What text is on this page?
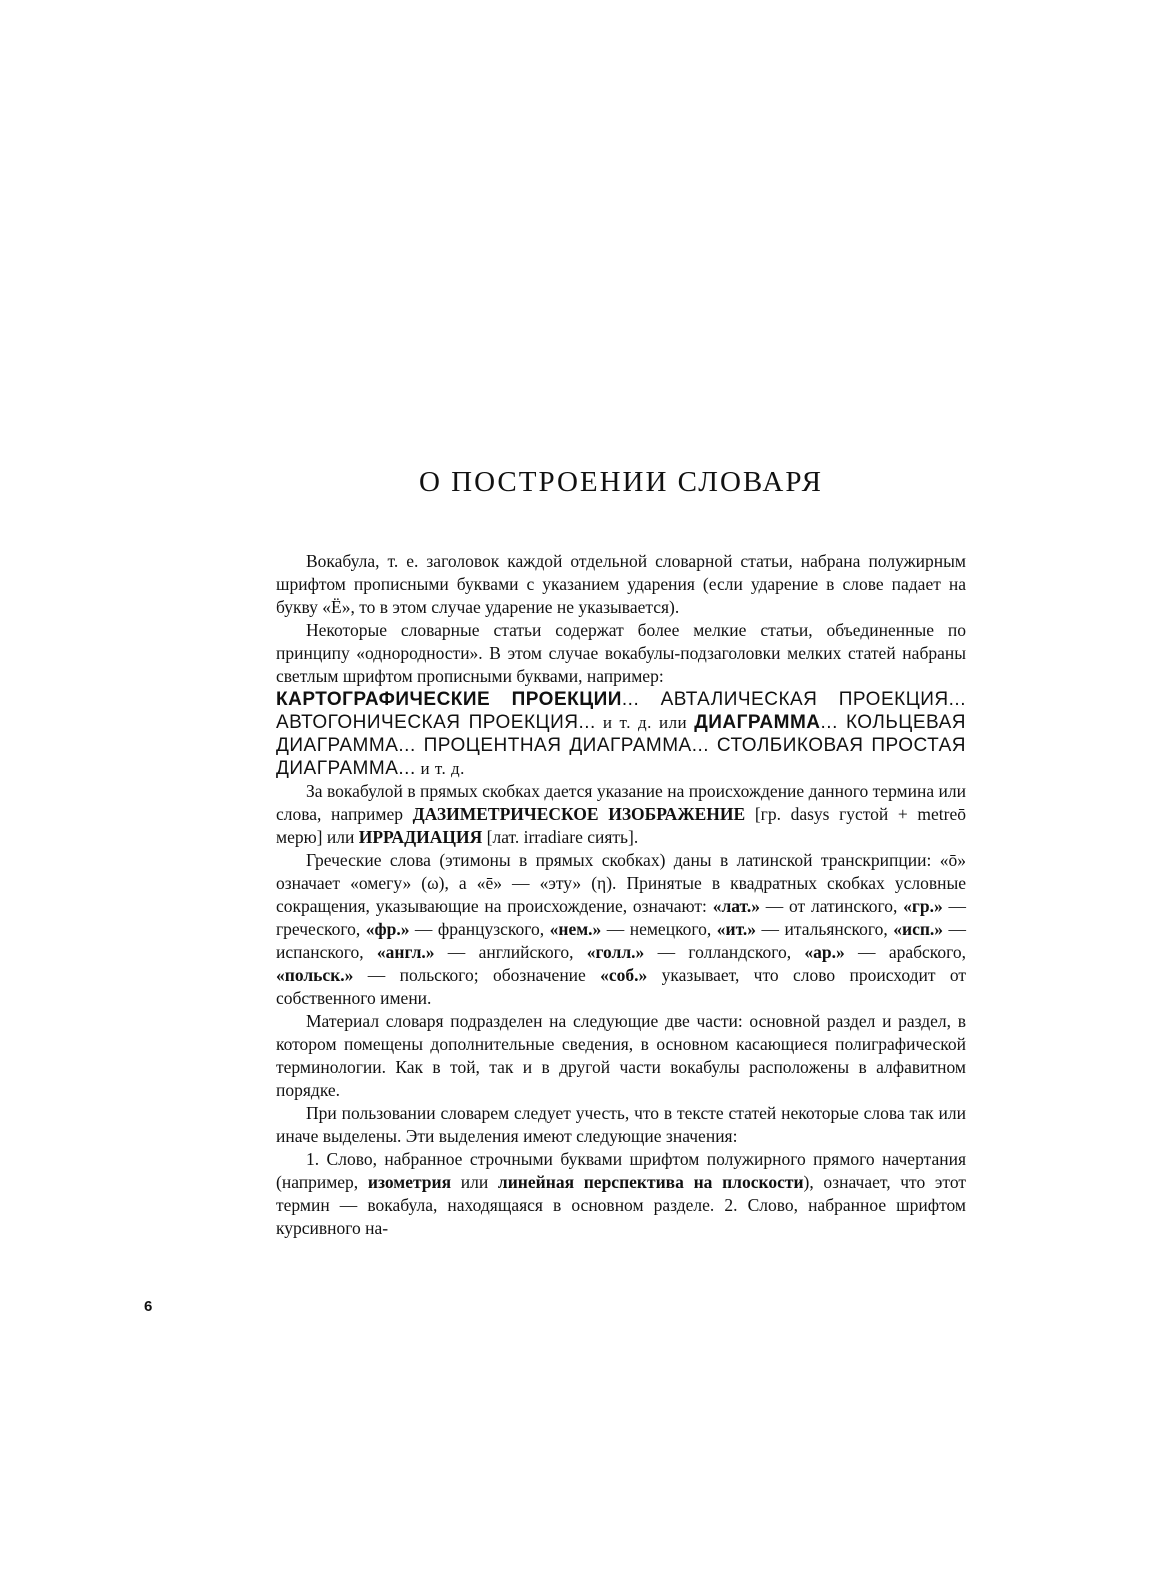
О ПОСТРОЕНИИ СЛОВАРЯ

Вокабула, т. е. заголовок каждой отдельной словарной статьи, набрана полужирным шрифтом прописными буквами с указанием ударения (если ударение в слове падает на букву «Ё», то в этом случае ударение не указывается).

Некоторые словарные статьи содержат более мелкие статьи, объединенные по принципу «однородности». В этом случае вокабулы-подзаголовки мелких статей набраны светлым шрифтом прописными буквами, например:

КАРТОГРАФИЧЕСКИЕ ПРОЕКЦИИ... АВТАЛИЧЕСКАЯ ПРОЕКЦИЯ... АВТОГОНИЧЕСКАЯ ПРОЕКЦИЯ... и т. д. или ДИАГРАММА... КОЛЬЦЕВАЯ ДИАГРАММА... ПРОЦЕНТНАЯ ДИАГРАММА... СТОЛБИКОВАЯ ПРОСТАЯ ДИАГРАММА... и т. д.

За вокабулой в прямых скобках дается указание на происхождение данного термина или слова, например ДАЗИМЕТРИЧЕСКОЕ ИЗОБРАЖЕНИЕ [гр. dasys густой + metreō мерю] или ИРРАДИАЦИЯ [лат. irradiare сиять].

Греческие слова (этимоны в прямых скобках) даны в латинской транскрипции: «ō» означает «омегу» (ω), а «ē» — «эту» (η). Принятые в квадратных скобках условные сокращения, указывающие на происхождение, означают: «лат.» — от латинского, «гр.» — греческого, «фр.» — французского, «нем.» — немецкого, «ит.» — итальянского, «исп.» — испанского, «англ.» — английского, «голл.» — голландского, «ар.» — арабского, «польск.» — польского; обозначение «соб.» указывает, что слово происходит от собственного имени.

Материал словаря подразделен на следующие две части: основной раздел и раздел, в котором помещены дополнительные сведения, в основном касающиеся полиграфической терминологии. Как в той, так и в другой части вокабулы расположены в алфавитном порядке.

При пользовании словарем следует учесть, что в тексте статей некоторые слова так или иначе выделены. Эти выделения имеют следующие значения:

1. Слово, набранное строчными буквами шрифтом полужирного прямого начертания (например, изометрия или линейная перспектива на плоскости), означает, что этот термин — вокабула, находящаяся в основном разделе. 2. Слово, набранное шрифтом курсивного на-

6
